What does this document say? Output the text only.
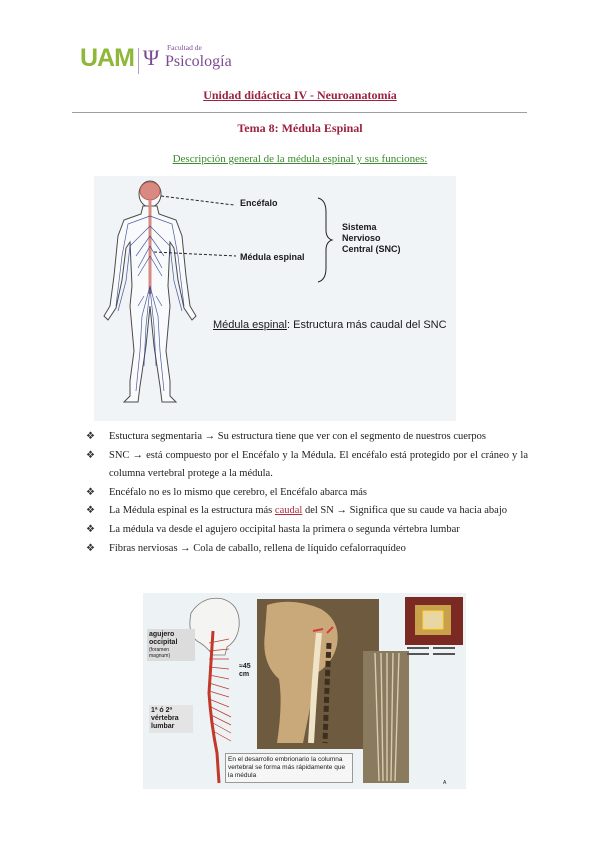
UAM Ψ Facultad de
Psicología
Unidad didáctica IV - Neuroanatomía
Tema 8: Médula Espinal
Descripción general de la médula espinal y sus funciones:
Encéfalo
Médula espinal
Sistema
Nervioso
Central (SNC)
Médula espinal: Estructura más caudal del SNC
❖ Estuctura segmentaria → Su estructura tiene que ver con el segmento de nuestros cuerpos
❖ SNC → está compuesto por el Encéfalo y la Médula. El encéfalo está protegido por el cráneo y la columna vertebral protege a la médula.
❖ Encéfalo no es lo mismo que cerebro, el Encéfalo abarca más
❖ La Médula espinal es la estructura más caudal del SN → Significa que su caude va hacia abajo
❖ La médula va desde el agujero occipital hasta la primera o segunda vértebra lumbar
❖ Fibras nerviosas → Cola de caballo, rellena de líquido cefalorraquídeo
agujero
occipital
(foramen
magnum)
≈45
cm
1ª ó 2ª
vértebra
lumbar
En el desarrollo embrionario la columna vertebral se forma más rápidamente que la médula
A
